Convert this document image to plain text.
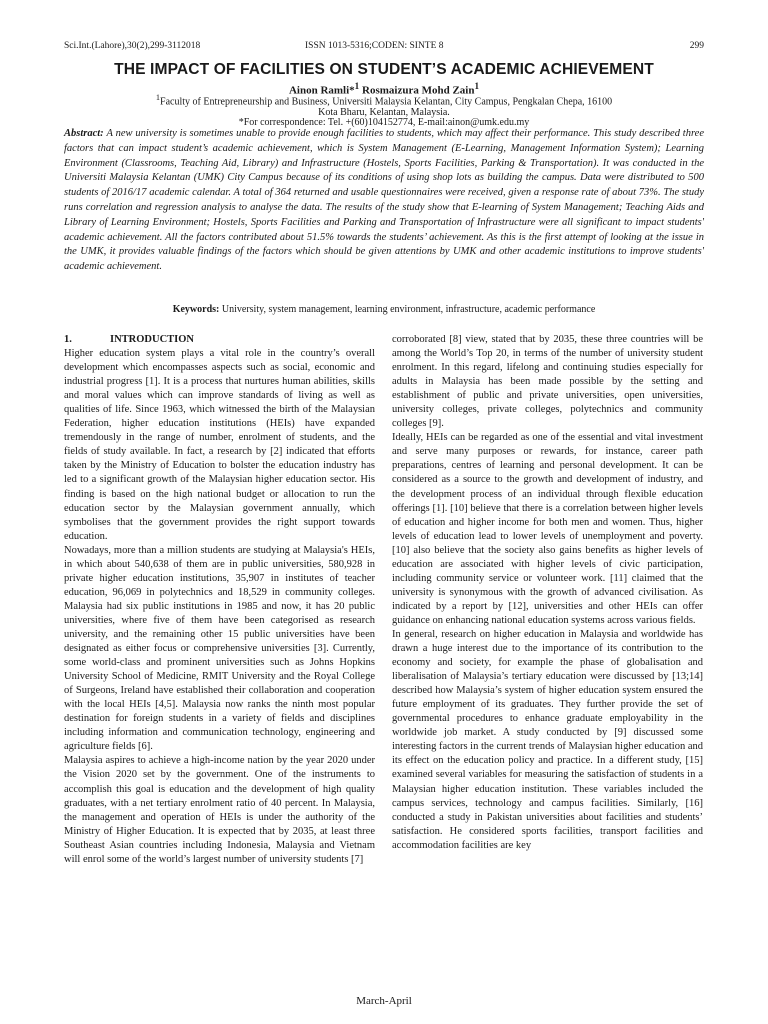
Sci.Int.(Lahore),30(2),299-3112018	ISSN 1013-5316;CODEN: SINTE 8	299
THE IMPACT OF FACILITIES ON STUDENT’S ACADEMIC ACHIEVEMENT
Ainon Ramli*$^1$ Rosmaizura Mohd Zain$^1$
$^1$Faculty of Entrepreneurship and Business, Universiti Malaysia Kelantan, City Campus, Pengkalan Chepa, 16100
Kota Bharu, Kelantan, Malaysia.
*For correspondence: Tel. +(60)104152774, E-mail:ainon@umk.edu.my
Abstract: A new university is sometimes unable to provide enough facilities to students, which may affect their performance. This study described three factors that can impact student’s academic achievement, which is System Management (E-Learning, Management Information System); Learning Environment (Classrooms, Teaching Aid, Library) and Infrastructure (Hostels, Sports Facilities, Parking & Transportation). It was conducted in the Universiti Malaysia Kelantan (UMK) City Campus because of its conditions of using shop lots as building the campus. Data were distributed to 500 students of 2016/17 academic calendar. A total of 364 returned and usable questionnaires were received, given a response rate of about 73%. The study runs correlation and regression analysis to analyse the data. The results of the study show that E-learning of System Management; Teaching Aids and Library of Learning Environment; Hostels, Sports Facilities and Parking and Transportation of Infrastructure were all significant to impact students' academic achievement. All the factors contributed about 51.5% towards the students’ achievement. As this is the first attempt of looking at the issue in the UMK, it provides valuable findings of the factors which should be given attentions by UMK and other academic institutions to improve students' academic achievement.
Keywords: University, system management, learning environment, infrastructure, academic performance
1.	INTRODUCTION

Higher education system plays a vital role in the country’s overall development which encompasses aspects such as social, economic and industrial progress [1]. It is a process that nurtures human abilities, skills and moral values which can improve standards of living as well as qualities of life. Since 1963, which witnessed the birth of the Malaysian Federation, higher education institutions (HEIs) have expanded tremendously in the range of number, enrolment of students, and the fields of study available. In fact, a research by [2] indicated that efforts taken by the Ministry of Education to bolster the education industry has led to a significant growth of the Malaysian higher education sector. His finding is based on the high national budget or allocation to run the education sector by the Malaysian government annually, which symbolises that the government provides the right support towards education.

Nowadays, more than a million students are studying at Malaysia's HEIs, in which about 540,638 of them are in public universities, 580,928 in private higher education institutions, 35,907 in institutes of teacher education, 96,069 in polytechnics and 18,529 in community colleges. Malaysia had six public institutions in 1985 and now, it has 20 public universities, where five of them have been categorised as research university, and the remaining other 15 public universities have been designated as either focus or comprehensive universities [3]. Currently, some world-class and prominent universities such as Johns Hopkins University School of Medicine, RMIT University and the Royal College of Surgeons, Ireland have established their collaboration and cooperation with the local HEIs [4,5]. Malaysia now ranks the ninth most popular destination for foreign students in a variety of fields and disciplines including information and communication technology, engineering and agriculture fields [6].

Malaysia aspires to achieve a high-income nation by the year 2020 under the Vision 2020 set by the government. One of the instruments to accomplish this goal is education and the development of high quality graduates, with a net tertiary enrolment ratio of 40 percent. In Malaysia, the management and operation of HEIs is under the authority of the Ministry of Higher Education. It is expected that by 2035, at least three Southeast Asian countries including Indonesia, Malaysia and Vietnam will enrol some of the world’s largest number of university students [7]

corroborated [8] view, stated that by 2035, these three countries will be among the World’s Top 20, in terms of the number of university student enrolment. In this regard, lifelong and continuing studies especially for adults in Malaysia has been made possible by the setting and establishment of public and private universities, open universities, university colleges, private colleges, polytechnics and community colleges [9].

Ideally, HEIs can be regarded as one of the essential and vital investment and serve many purposes or rewards, for instance, career path preparations, centres of learning and personal development. It can be considered as a source to the growth and development of industry, and the development process of an individual through flexible education offerings [1]. [10] believe that there is a correlation between higher levels of education and higher income for both men and women. Thus, higher levels of education lead to lower levels of unemployment and poverty. [10] also believe that the society also gains benefits as higher levels of education are associated with higher levels of civic participation, including community service or volunteer work. [11] claimed that the university is synonymous with the growth of advanced civilisation. As indicated by a report by [12], universities and other HEIs can offer guidance on enhancing national education systems across various fields.

In general, research on higher education in Malaysia and worldwide has drawn a huge interest due to the importance of its contribution to the economy and society, for example the phase of globalisation and liberalisation of Malaysia’s tertiary education were discussed by [13;14] described how Malaysia’s system of higher education system ensured the future employment of its graduates. They further provide the set of governmental procedures to enhance graduate employability in the worldwide job market. A study conducted by [9] discussed some interesting factors in the current trends of Malaysian higher education and its effect on the education policy and practice. In a different study, [15] examined several variables for measuring the satisfaction of students in a Malaysian higher education institution. These variables included the campus services, technology and campus facilities. Similarly, [16] conducted a study in Pakistan universities about facilities and students’ satisfaction. He considered sports facilities, transport facilities and accommodation facilities are key

March-April
